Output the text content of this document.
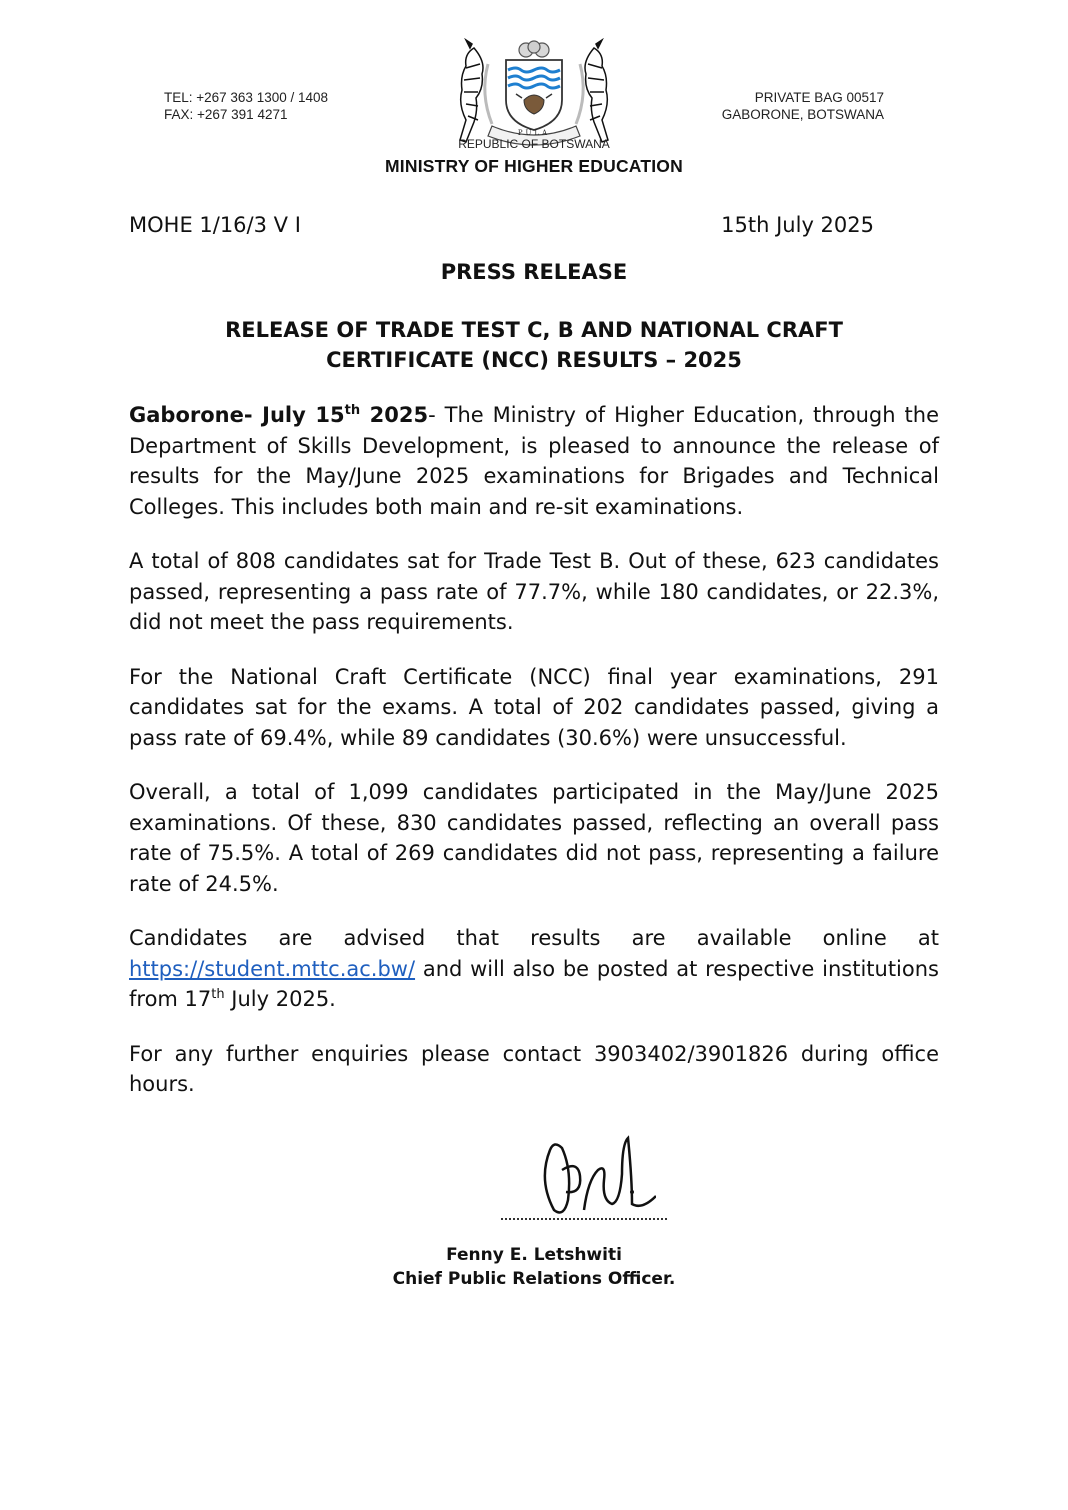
TEL: +267 363 1300 / 1408
FAX: +267 391 4271
PRIVATE BAG 00517
GABORONE, BOTSWANA
PULA
REPUBLIC OF BOTSWANA
MINISTRY OF HIGHER EDUCATION
MOHE 1/16/3 V I	15th July 2025
PRESS RELEASE
RELEASE OF TRADE TEST C, B AND NATIONAL CRAFT
CERTIFICATE (NCC) RESULTS – 2025

Gaborone- July 15th 2025- The Ministry of Higher Education, through the Department of Skills Development, is pleased to announce the release of results for the May/June 2025 examinations for Brigades and Technical Colleges. This includes both main and re-sit examinations.

A total of 808 candidates sat for Trade Test B. Out of these, 623 candidates passed, representing a pass rate of 77.7%, while 180 candidates, or 22.3%, did not meet the pass requirements.

For the National Craft Certificate (NCC) final year examinations, 291 candidates sat for the exams. A total of 202 candidates passed, giving a pass rate of 69.4%, while 89 candidates (30.6%) were unsuccessful.

Overall, a total of 1,099 candidates participated in the May/June 2025 examinations. Of these, 830 candidates passed, reflecting an overall pass rate of 75.5%. A total of 269 candidates did not pass, representing a failure rate of 24.5%.

Candidates are advised that results are available online at https://student.mttc.ac.bw/ and will also be posted at respective institutions from 17th July 2025.

For any further enquiries please contact 3903402/3901826 during office hours.

Fenny E. Letshwiti
Chief Public Relations Officer.
